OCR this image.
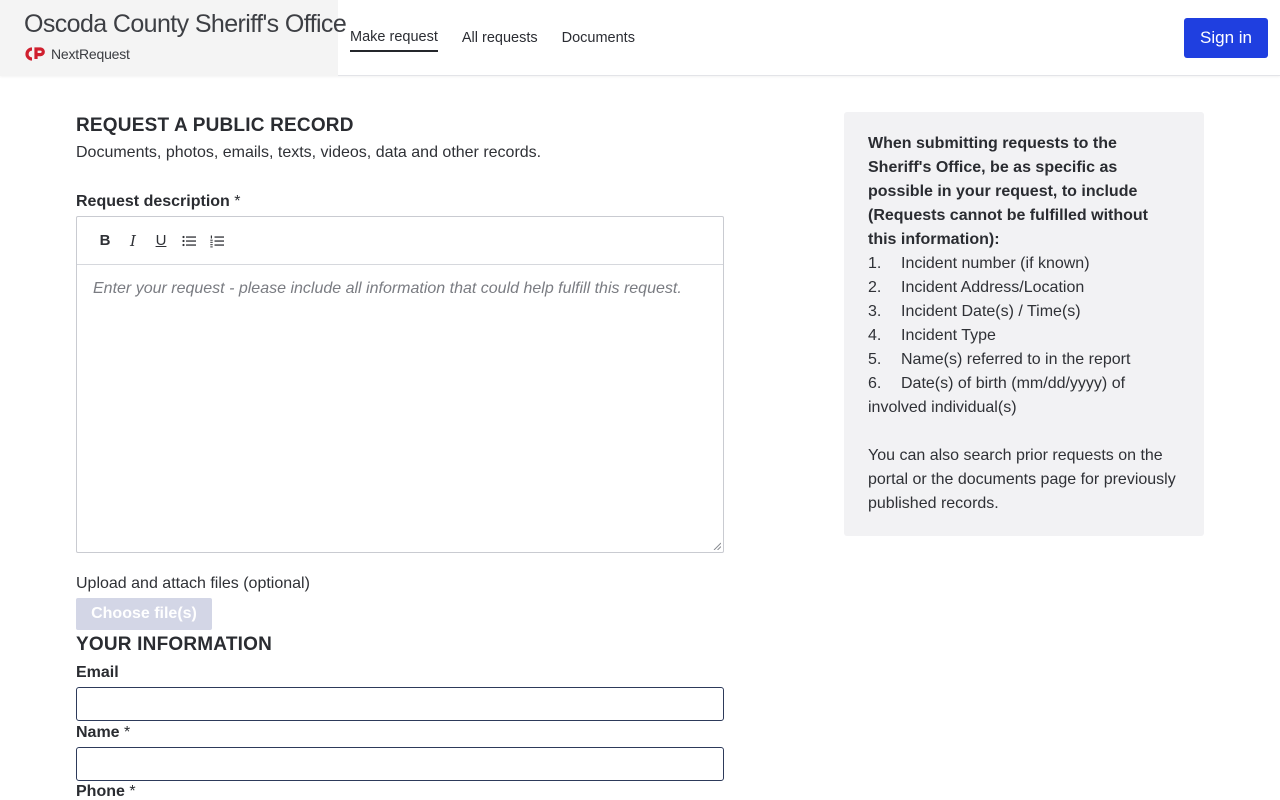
Oscoda County Sheriff's Office
NextRequest
Make request All requests Documents	Sign in
REQUEST A PUBLIC RECORD
Documents, photos, emails, texts, videos, data and other records.
Request description *
B	I	U
Enter your request - please include all information that could help fulfill this request.
Upload and attach files (optional)
Choose file(s)
YOUR INFORMATION
Email
Name *
Phone *
When submitting requests to the Sheriff's Office, be as specific as possible in your request, to include (Requests cannot be fulfilled without this information):
1. Incident number (if known)
2. Incident Address/Location
3. Incident Date(s) / Time(s)
4. Incident Type
5. Name(s) referred to in the report
6. Date(s) of birth (mm/dd/yyyy) of involved individual(s)
You can also search prior requests on the portal or the documents page for previously published records.
